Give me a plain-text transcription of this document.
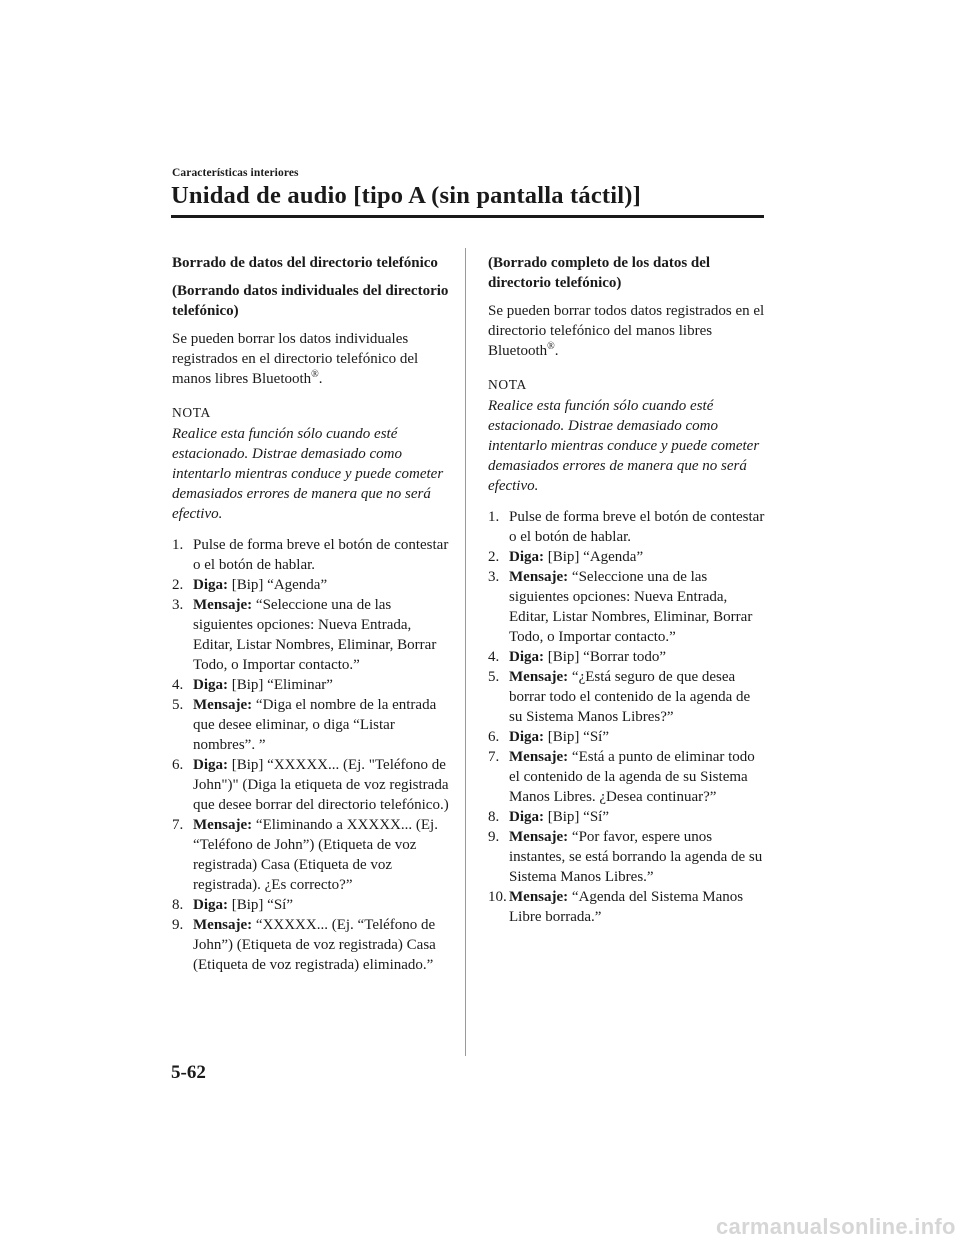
Características interiores
Unidad de audio [tipo A (sin pantalla táctil)]

Borrado de datos del directorio telefónico

(Borrando datos individuales del directorio telefónico)

Se pueden borrar los datos individuales registrados en el directorio telefónico del manos libres Bluetooth®.

NOTA

Realice esta función sólo cuando esté estacionado. Distrae demasiado como intentarlo mientras conduce y puede cometer demasiados errores de manera que no será efectivo.

1. Pulse de forma breve el botón de contestar o el botón de hablar.
2. Diga: [Bip] “Agenda”
3. Mensaje: “Seleccione una de las siguientes opciones: Nueva Entrada, Editar, Listar Nombres, Eliminar, Borrar Todo, o Importar contacto.”
4. Diga: [Bip] “Eliminar”
5. Mensaje: “Diga el nombre de la entrada que desee eliminar, o diga “Listar nombres”. ”
6. Diga: [Bip] “XXXXX... (Ej. "Teléfono de John")" (Diga la etiqueta de voz registrada que desee borrar del directorio telefónico.)
7. Mensaje: “Eliminando a XXXXX... (Ej. “Teléfono de John”) (Etiqueta de voz registrada) Casa (Etiqueta de voz registrada). ¿Es correcto?”
8. Diga: [Bip] “Sí”
9. Mensaje: “XXXXX... (Ej. “Teléfono de John”) (Etiqueta de voz registrada) Casa (Etiqueta de voz registrada) eliminado.”

(Borrado completo de los datos del directorio telefónico)

Se pueden borrar todos datos registrados en el directorio telefónico del manos libres Bluetooth®.

NOTA

Realice esta función sólo cuando esté estacionado. Distrae demasiado como intentarlo mientras conduce y puede cometer demasiados errores de manera que no será efectivo.

1. Pulse de forma breve el botón de contestar o el botón de hablar.
2. Diga: [Bip] “Agenda”
3. Mensaje: “Seleccione una de las siguientes opciones: Nueva Entrada, Editar, Listar Nombres, Eliminar, Borrar Todo, o Importar contacto.”
4. Diga: [Bip] “Borrar todo”
5. Mensaje: “¿Está seguro de que desea borrar todo el contenido de la agenda de su Sistema Manos Libres?”
6. Diga: [Bip] “Sí”
7. Mensaje: “Está a punto de eliminar todo el contenido de la agenda de su Sistema Manos Libres. ¿Desea continuar?”
8. Diga: [Bip] “Sí”
9. Mensaje: “Por favor, espere unos instantes, se está borrando la agenda de su Sistema Manos Libres.”
10. Mensaje: “Agenda del Sistema Manos Libre borrada.”
5-62
carmanualsonline.info
